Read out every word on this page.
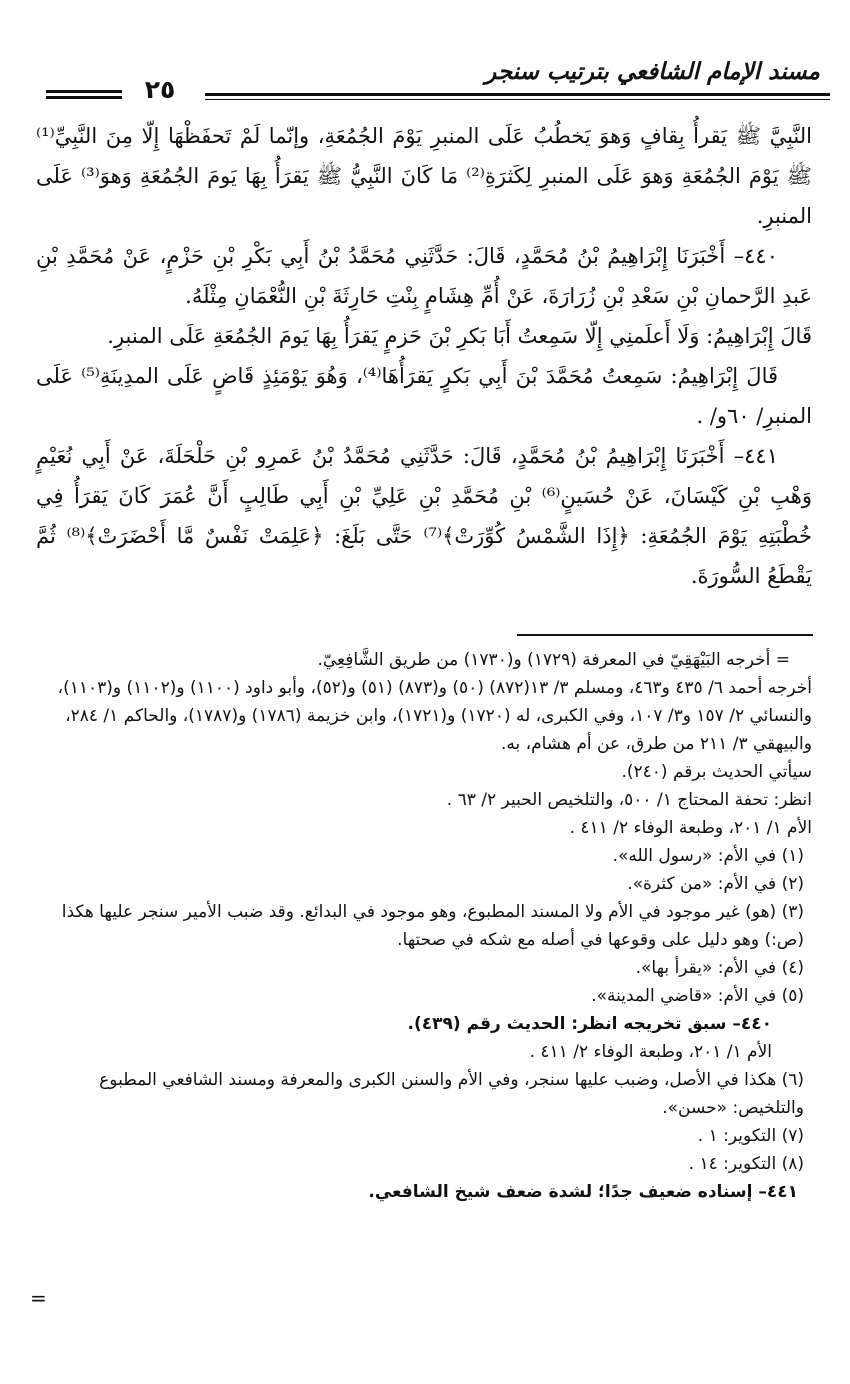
مسند الإمام الشافعي بترتيب سنجر
٢٥

النَّبِيَّ ﷺ يَقرأُ بِقافٍ وَهوَ يَخطُبُ عَلَى المنبرِ يَوْمَ الجُمُعَةِ، وإنّما لَمْ تَحفَظْهَا إِلّا مِنَ النَّبِيِّ⁽¹⁾ ﷺ يَوْمَ الجُمُعَةِ وَهوَ عَلَى المنبرِ لِكَثرَةِ⁽²⁾ مَا كَانَ النَّبِيُّ ﷺ يَقرَأُ بِهَا يَومَ الجُمُعَةِ وَهوَ⁽³⁾ عَلَى المنبرِ.

٤٤٠– أَخْبَرَنَا إِبْرَاهِيمُ بْنُ مُحَمَّدٍ، قَالَ: حَدَّثَنِي مُحَمَّدُ بْنُ أَبِي بَكْرِ بْنِ حَزْمٍ، عَنْ مُحَمَّدِ بْنِ عَبدِ الرَّحمانِ بْنِ سَعْدِ بْنِ زُرَارَةَ، عَنْ أُمِّ هِشَامٍ بِنْتِ حَارِثَةَ بْنِ النُّعْمَانِ مِثْلَهُ.

قَالَ إِبْرَاهِيمُ: وَلَا أَعلَمنِي إِلّا سَمِعتُ أَبَا بَكرِ بْنَ حَزمٍ يَقرَأُ بِهَا يَومَ الجُمُعَةِ عَلَى المنبرِ.

قَالَ إِبْرَاهِيمُ: سَمِعتُ مُحَمَّدَ بْنَ أَبِي بَكرٍ يَقرَأُهَا⁽⁴⁾، وَهُوَ يَوْمَئِذٍ قَاضٍ عَلَى المدِينَةِ⁽⁵⁾ عَلَى المنبرِ/ ٦٠و/ .

٤٤١– أَخْبَرَنَا إِبْرَاهِيمُ بْنُ مُحَمَّدٍ، قَالَ: حَدَّثَنِي مُحَمَّدُ بْنُ عَمرِو بْنِ حَلْحَلَةَ، عَنْ أَبِي نُعَيْمٍ وَهْبِ بْنِ كَيْسَانَ، عَنْ حُسَينٍ⁽⁶⁾ بْنِ مُحَمَّدِ بْنِ عَلِيِّ بْنِ أَبِي طَالِبٍ أَنَّ عُمَرَ كَانَ يَقرَأُ فِي خُطْبَتِهِ يَوْمَ الجُمُعَةِ: ﴿إِذَا الشَّمْسُ كُوِّرَتْ﴾⁽⁷⁾ حَتَّى بَلَغَ: ﴿عَلِمَتْ نَفْسٌ مَّا أَحْضَرَتْ﴾⁽⁸⁾ ثُمَّ يَقْطَعُ السُّورَةَ.

= أخرجه البَيْهَقِيّ في المعرفة (١٧٢٩) و(١٧٣٠) من طريق الشَّافِعِيّ.

أخرجه أحمد ٦/ ٤٣٥ و٤٦٣، ومسلم ٣/ ١٣(٨٧٢) (٥٠) و(٨٧٣) (٥١) و(٥٢)، وأبو داود (١١٠٠) و(١١٠٢) و(١١٠٣)، والنسائي ٢/ ١٥٧ و٣/ ١٠٧، وفي الكبرى، له (١٧٢٠) و(١٧٢١)، وابن خزيمة (١٧٨٦) و(١٧٨٧)، والحاكم ١/ ٢٨٤، والبيهقي ٣/ ٢١١ من طرق، عن أم هشام، به.

سيأتي الحديث برقم (٢٤٠).

انظر: تحفة المحتاج ١/ ٥٠٠، والتلخيص الحبير ٢/ ٦٣ .

الأم ١/ ٢٠١، وطبعة الوفاء ٢/ ٤١١ .

(١) في الأم: «رسول الله».

(٢) في الأم: «من كثرة».

(٣) (هو) غير موجود في الأم ولا المسند المطبوع، وهو موجود في البدائع. وقد ضبب الأمير سنجر عليها هكذا (ص:) وهو دليل على وقوعها في أصله مع شكه في صحتها.

(٤) في الأم: «يقرأ بها».

(٥) في الأم: «قاضي المدينة».

٤٤٠– سبق تخريجه انظر: الحديث رقم (٤٣٩).

الأم ١/ ٢٠١، وطبعة الوفاء ٢/ ٤١١ .

(٦) هكذا في الأصل، وضبب عليها سنجر، وفي الأم والسنن الكبرى والمعرفة ومسند الشافعي المطبوع والتلخيص: «حسن».

(٧) التكوير: ١ .

(٨) التكوير: ١٤ .

٤٤١– إسناده ضعيف جدًا؛ لشدة ضعف شيخ الشافعي.

=
